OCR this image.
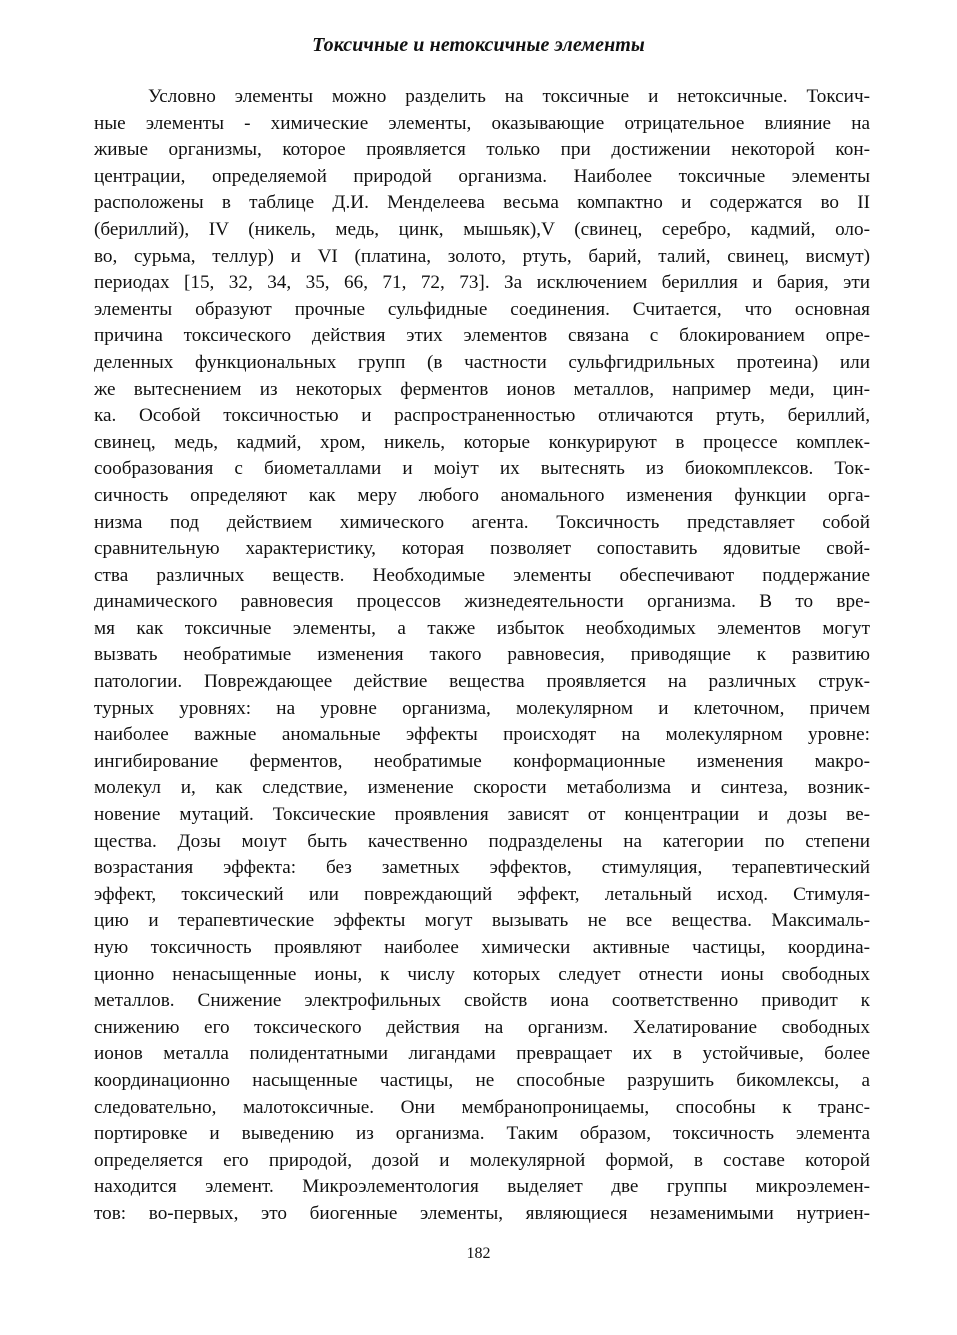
Токсичные и нетоксичные элементы
Условно элементы можно разделить на токсичные и нетоксичные. Токсич-
ные элементы - химические элементы, оказывающие отрицательное влияние на
живые организмы, которое проявляется только при достижении некоторой кон-
центрации, определяемой природой организма. Наиболее токсичные элементы
расположены в таблице Д.И. Менделеева весьма компактно и содержатся во II
(бериллий), IV (никель, медь, цинк, мышьяк),V (свинец, серебро, кадмий, оло-
во, сурьма, теллур) и VI (платина, золото, ртуть, барий, талий, свинец, висмут)
периодах [15, 32, 34, 35, 66, 71, 72, 73]. За исключением бериллия и бария, эти
элементы образуют прочные сульфидные соединения. Считается, что основная
причина токсического действия этих элементов связана с блокированием опре-
деленных функциональных групп (в частности сульфгидрильных протеина) или
же вытеснением из некоторых ферментов ионов металлов, например меди, цин-
ка. Особой токсичностью и распространенностью отличаются ртуть, бериллий,
свинец, медь, кадмий, хром, никель, которые конкурируют в процессе комплек-
сообразования с биометаллами и моiyт их вытеснять из биокомплексов. Ток-
сичность определяют как меру любого аномального изменения функции орга-
низма под действием химического агента. Токсичность представляет собой
сравнительную характеристику, которая позволяет сопоставить ядовитые свой-
ства различных веществ. Необходимые элементы обеспечивают поддержание
динамического равновесия процессов жизнедеятельности организма. В то вре-
мя как токсичные элементы, а также избыток необходимых элементов могут
вызвать необратимые изменения такого равновесия, приводящие к развитию
патологии. Повреждающее действие вещества проявляется на различных струк-
турных уровнях: на уровне организма, молекулярном и клеточном, причем
наиболее важные аномальные эффекты происходят на молекулярном уровне:
ингибирование ферментов, необратимые конформационные изменения макро-
молекул и, как следствие, изменение скорости метаболизма и синтеза, возник-
новение мутаций. Токсические проявления зависят от концентрации и дозы ве-
щества. Дозы моıут быть качественно подразделены на категории по степени
возрастания эффекта: без заметных эффектов, стимуляция, терапевтический
эффект, токсический или повреждающий эффект, летальный исход. Стимуля-
цию и терапевтические эффекты могут вызывать не все вещества. Максималь-
ную токсичность проявляют наиболее химически активные частицы, координа-
ционно ненасыщенные ионы, к числу которых следует отнести ионы свободных
металлов. Снижение электрофильных свойств иона соответственно приводит к
снижению его токсического действия на организм. Хелатирование свободных
ионов металла полидентатными лигандами превращает их в устойчивые, более
координационно насыщенные частицы, не способные разрушить бикомлексы, а
следовательно, малотоксичные. Они мембранопроницаемы, способны к транс-
портировке и выведению из организма. Таким образом, токсичность элемента
определяется его природой, дозой и молекулярной формой, в составе которой
находится элемент. Микроэлементология выделяет две группы микроэлемен-
тов: во-первых, это биогенные элементы, являющиеся незаменимыми нутриен-
182
